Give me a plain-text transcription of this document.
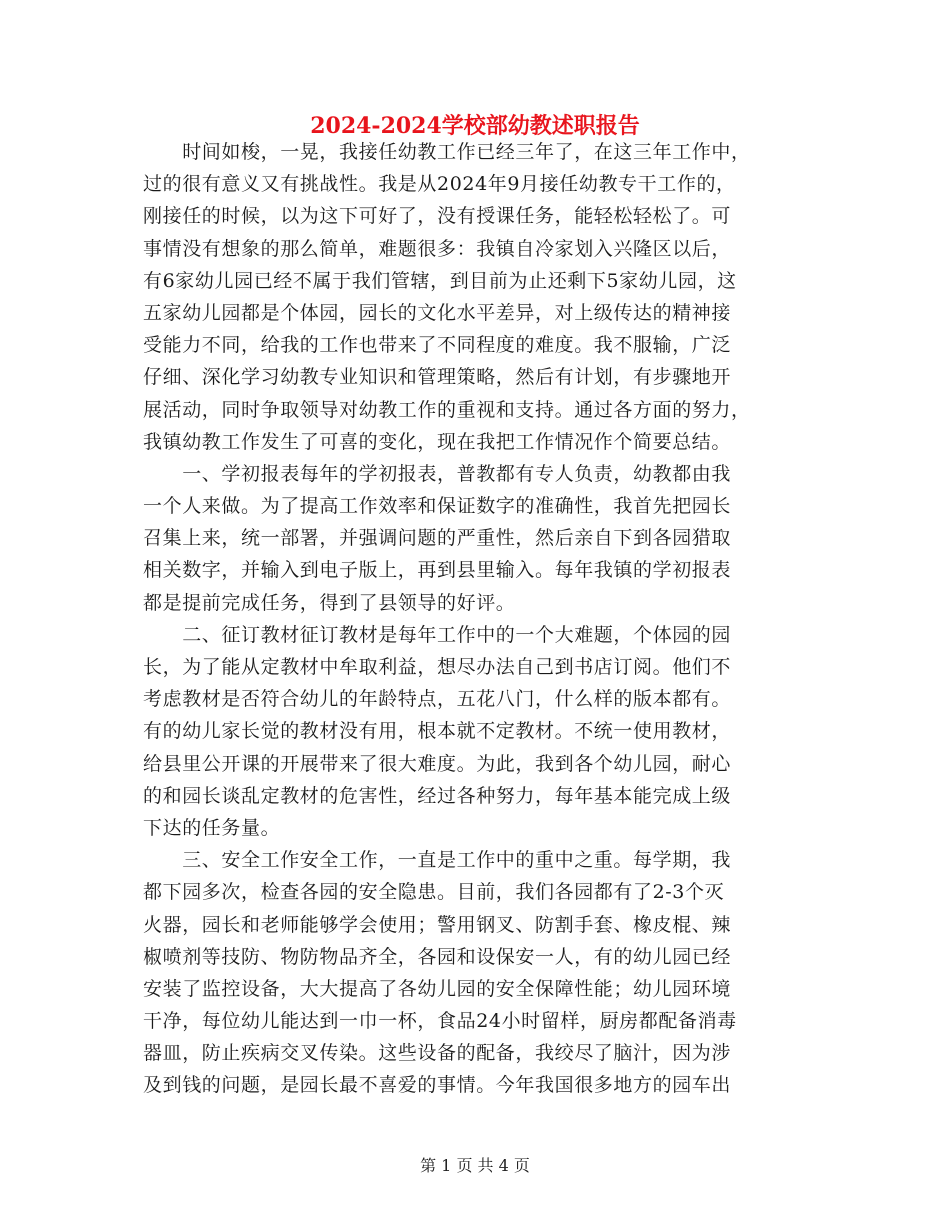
2024-2024学校部幼教述职报告
　　时间如梭，一晃，我接任幼教工作已经三年了，在这三年工作中，
过的很有意义又有挑战性。我是从2024年9月接任幼教专干工作的，
刚接任的时候，以为这下可好了，没有授课任务，能轻松轻松了。可
事情没有想象的那么简单，难题很多：我镇自冷家划入兴隆区以后，
有6家幼儿园已经不属于我们管辖，到目前为止还剩下5家幼儿园，这
五家幼儿园都是个体园，园长的文化水平差异，对上级传达的精神接
受能力不同，给我的工作也带来了不同程度的难度。我不服输，广泛
仔细、深化学习幼教专业知识和管理策略，然后有计划，有步骤地开
展活动，同时争取领导对幼教工作的重视和支持。通过各方面的努力，
我镇幼教工作发生了可喜的变化，现在我把工作情况作个简要总结。
　　一、学初报表每年的学初报表，普教都有专人负责，幼教都由我
一个人来做。为了提高工作效率和保证数字的准确性，我首先把园长
召集上来，统一部署，并强调问题的严重性，然后亲自下到各园猎取
相关数字，并输入到电子版上，再到县里输入。每年我镇的学初报表
都是提前完成任务，得到了县领导的好评。
　　二、征订教材征订教材是每年工作中的一个大难题，个体园的园
长，为了能从定教材中牟取利益，想尽办法自己到书店订阅。他们不
考虑教材是否符合幼儿的年龄特点，五花八门，什么样的版本都有。
有的幼儿家长觉的教材没有用，根本就不定教材。不统一使用教材，
给县里公开课的开展带来了很大难度。为此，我到各个幼儿园，耐心
的和园长谈乱定教材的危害性，经过各种努力，每年基本能完成上级
下达的任务量。
　　三、安全工作安全工作，一直是工作中的重中之重。每学期，我
都下园多次，检查各园的安全隐患。目前，我们各园都有了2-3个灭
火器，园长和老师能够学会使用；警用钢叉、防割手套、橡皮棍、辣
椒喷剂等技防、物防物品齐全，各园和设保安一人，有的幼儿园已经
安装了监控设备，大大提高了各幼儿园的安全保障性能；幼儿园环境
干净，每位幼儿能达到一巾一杯，食品24小时留样，厨房都配备消毒
器皿，防止疾病交叉传染。这些设备的配备，我绞尽了脑汁，因为涉
及到钱的问题，是园长最不喜爱的事情。今年我国很多地方的园车出
第 1 页 共 4 页
